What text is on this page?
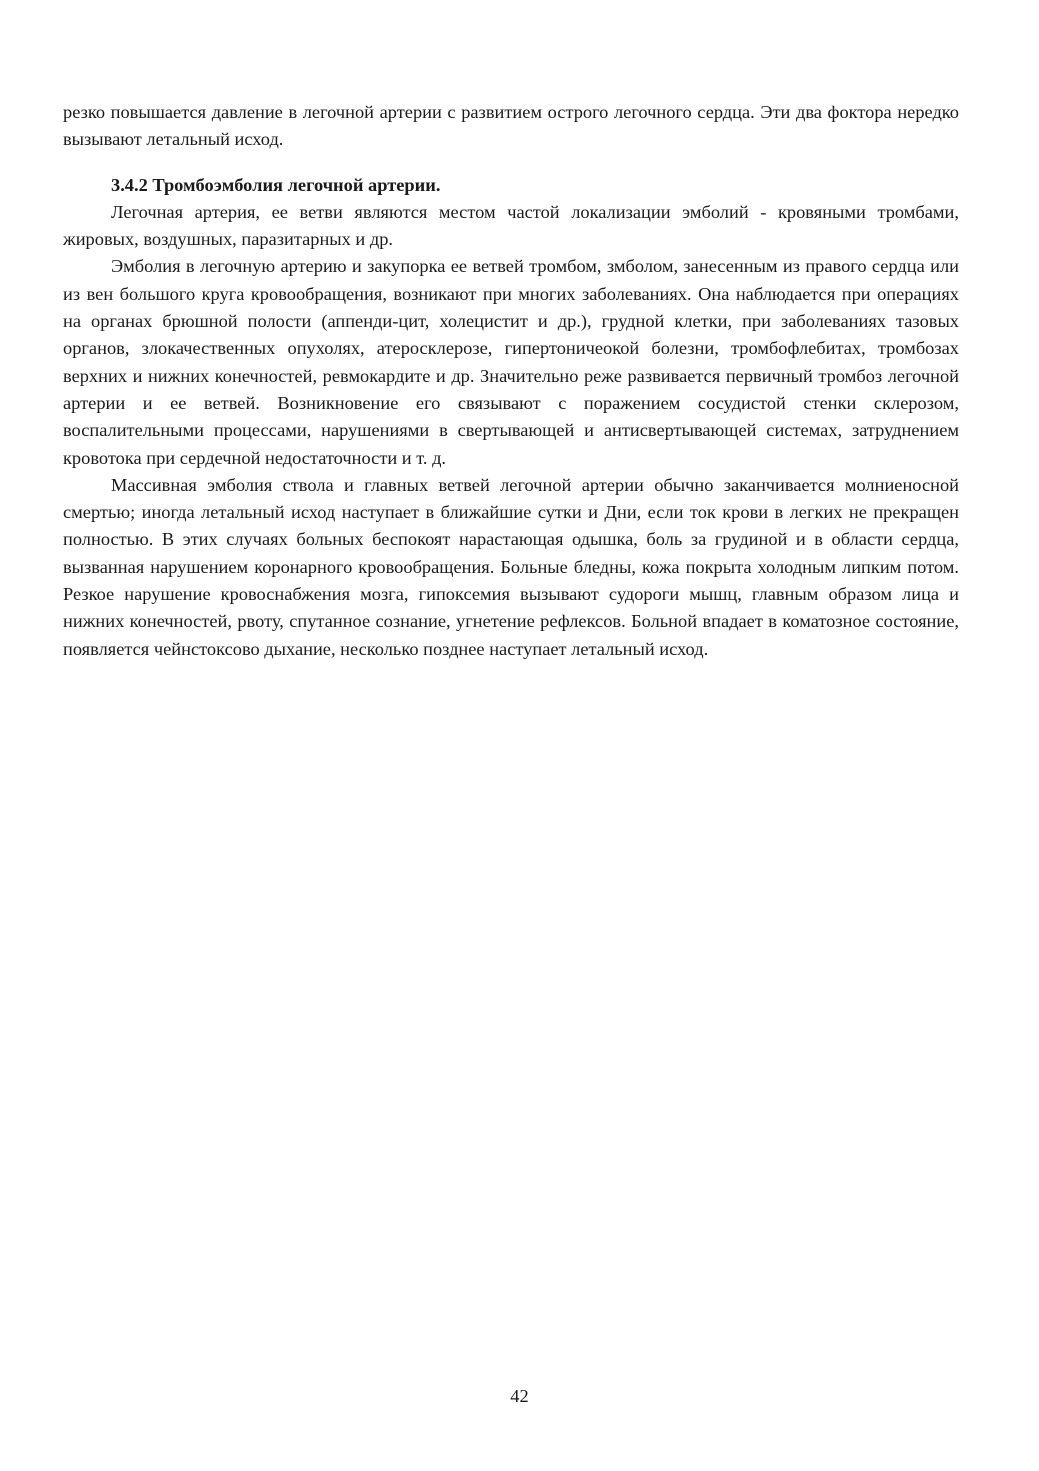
резко повышается давление в легочной артерии с развитием острого легочного сердца. Эти два фоктора нередко вызывают летальный исход.

3.4.2 Тромбоэмболия легочной артерии.

Легочная артерия, ее ветви являются местом частой локализации эмболий - кровяными тромбами, жировых, воздушных, паразитарных и др.

Эмболия в легочную артерию и закупорка ее ветвей тромбом, змболом, занесенным из правого сердца или из вен большого круга кровообращения, возникают при многих заболеваниях. Она наблюдается при операциях на органах брюшной полости (аппенди-цит, холецистит и др.), грудной клетки, при заболеваниях тазовых органов, злокачественных опухолях, атеросклерозе, гипертоничеокой болезни, тромбофлебитах, тромбозах верхних и нижних конечностей, ревмокардите и др. Значительно реже развивается первичный тромбоз легочной артерии и ее ветвей. Возникновение его связывают с поражением сосудистой стенки склерозом, воспалительными процессами, нарушениями в свертывающей и антисвертывающей системах, затруднением кровотока при сердечной недостаточности и т. д.

Массивная эмболия ствола и главных ветвей легочной артерии обычно заканчивается молниеносной смертью; иногда летальный исход наступает в ближайшие сутки и Дни, если ток крови в легких не прекращен полностью. В этих случаях больных беспокоят нарастающая одышка, боль за грудиной и в области сердца, вызванная нарушением коронарного кровообращения. Больные бледны, кожа покрыта холодным липким потом. Резкое нарушение кровоснабжения мозга, гипоксемия вызывают судороги мышц, главным образом лица и нижних конечностей, рвоту, спутанное сознание, угнетение рефлексов. Больной впадает в коматозное состояние, появляется чейнстоксово дыхание, несколько позднее наступает летальный исход.

42
